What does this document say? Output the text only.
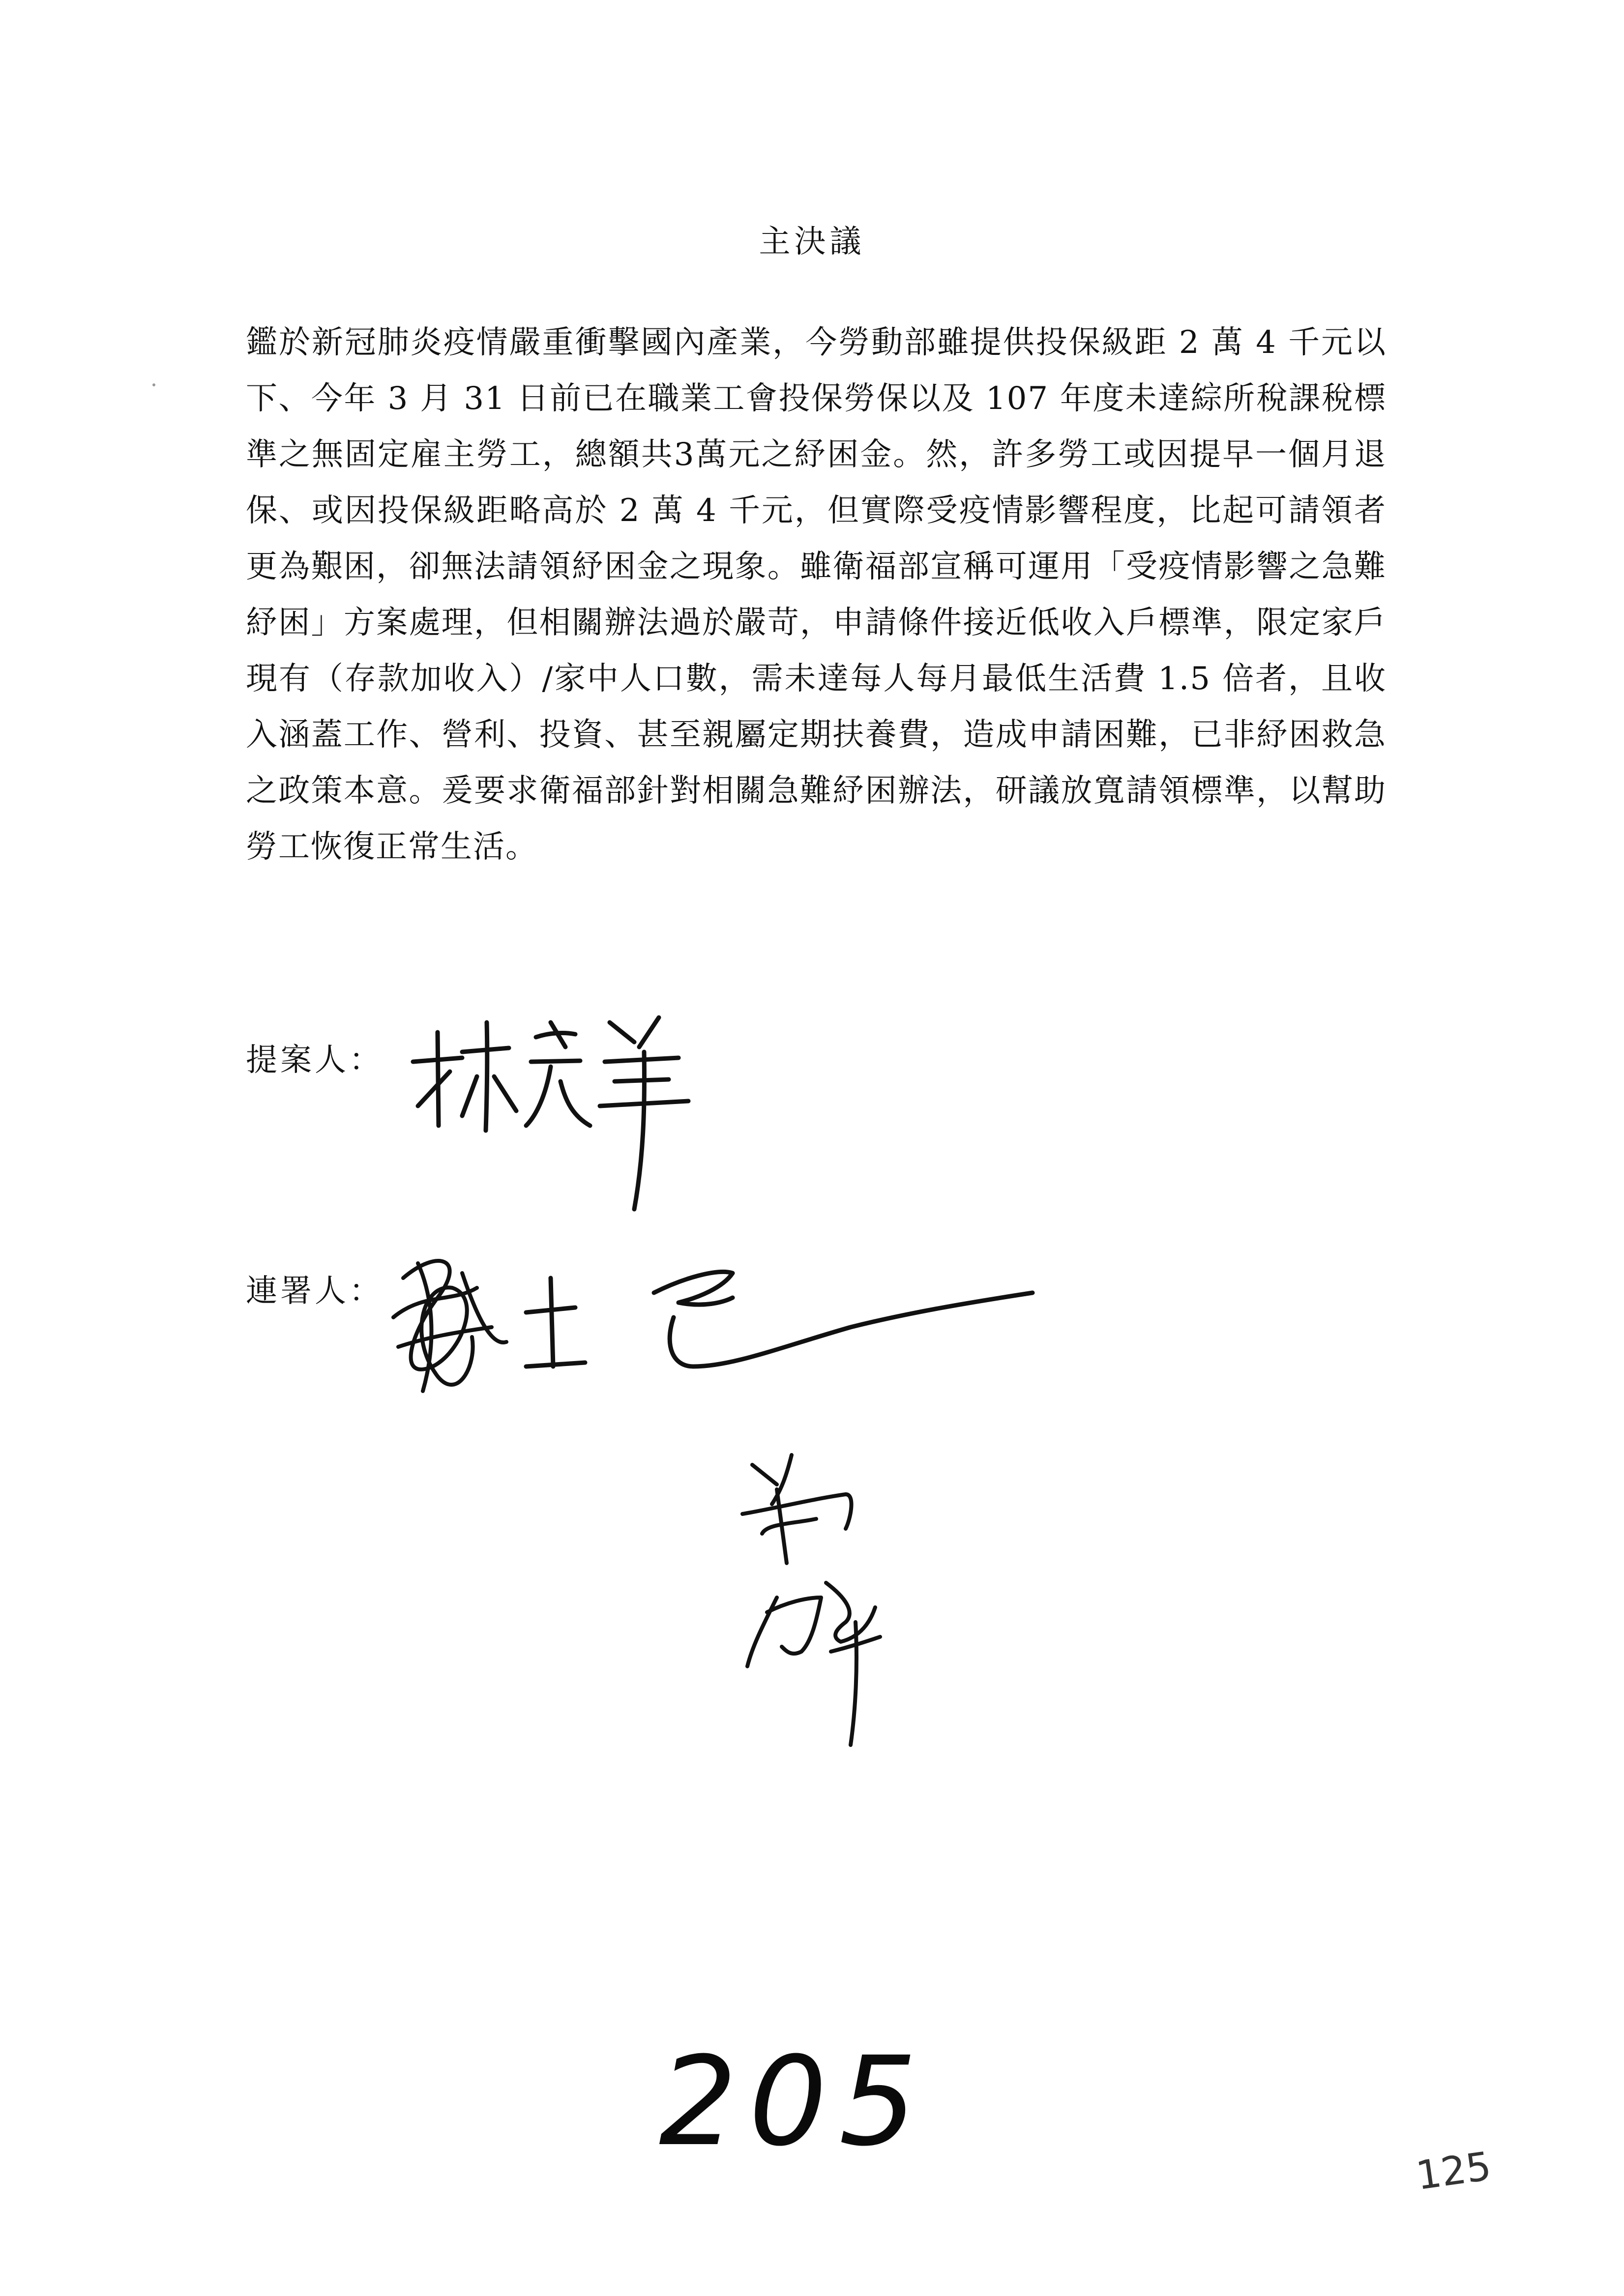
主決議
鑑於新冠肺炎疫情嚴重衝擊國內產業，今勞動部雖提供投保級距 2 萬 4 千元以下、今年 3 月 31 日前已在職業工會投保勞保以及 107 年度未達綜所稅課稅標準之無固定雇主勞工，總額共3萬元之紓困金。然，許多勞工或因提早一個月退保、或因投保級距略高於 2 萬 4 千元，但實際受疫情影響程度，比起可請領者更為艱困，卻無法請領紓困金之現象。雖衛福部宣稱可運用「受疫情影響之急難紓困」方案處理，但相關辦法過於嚴苛，申請條件接近低收入戶標準，限定家戶現有（存款加收入）/家中人口數，需未達每人每月最低生活費 1.5 倍者，且收入涵蓋工作、營利、投資、甚至親屬定期扶養費，造成申請困難，已非紓困救急之政策本意。爰要求衛福部針對相關急難紓困辦法，研議放寬請領標準，以幫助勞工恢復正常生活。
提案人：
連署人：
205	125
